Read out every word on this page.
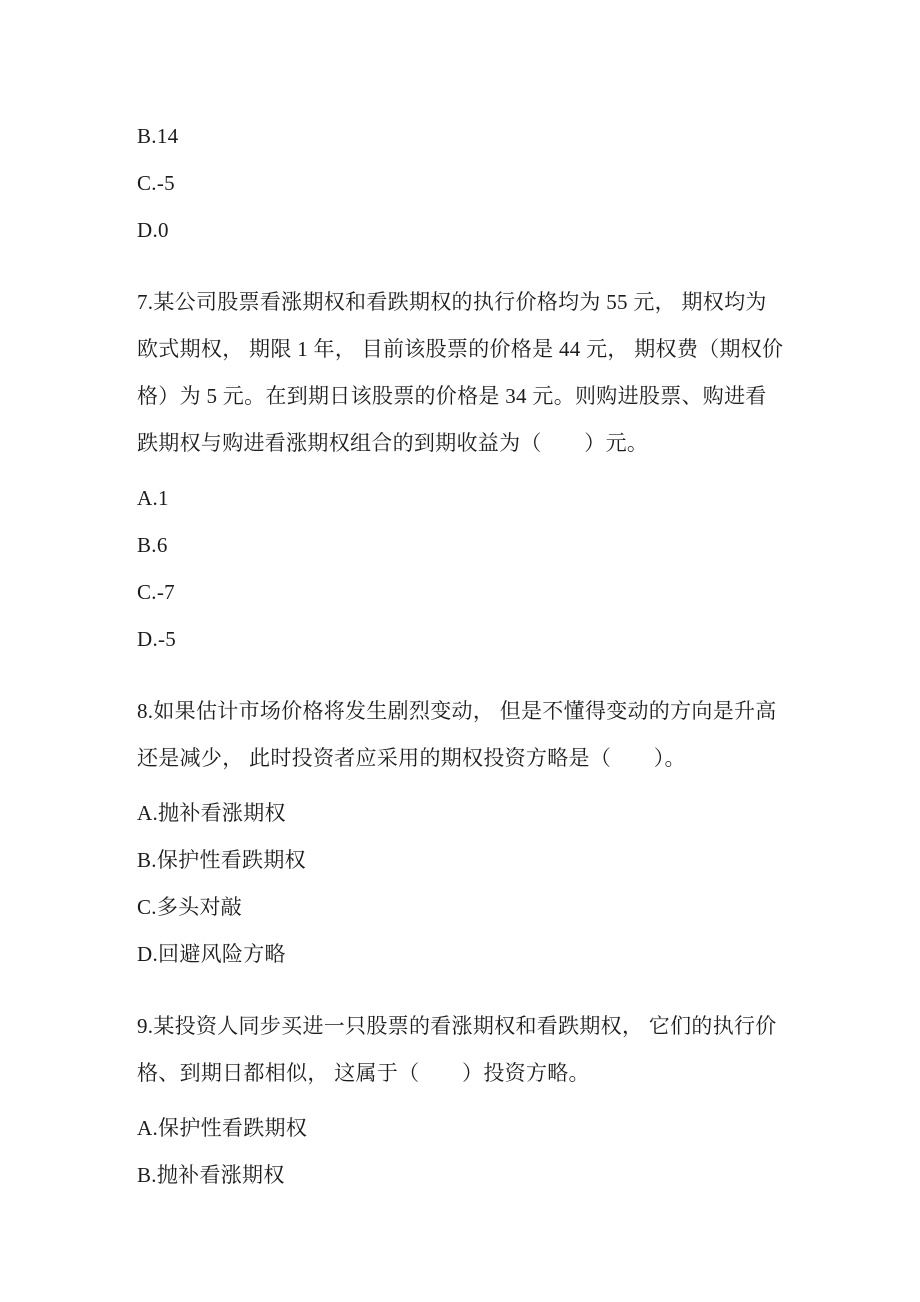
B.14
C.-5
D.0
7.某公司股票看涨期权和看跌期权的执行价格均为 55 元， 期权均为
欧式期权， 期限 1 年， 目前该股票的价格是 44 元， 期权费（期权价
格）为 5 元。在到期日该股票的价格是 34 元。则购进股票、购进看
跌期权与购进看涨期权组合的到期收益为（　　）元。
A.1
B.6
C.-7
D.-5
8.如果估计市场价格将发生剧烈变动， 但是不懂得变动的方向是升高
还是减少， 此时投资者应采用的期权投资方略是（　　）。
A.抛补看涨期权
B.保护性看跌期权
C.多头对敲
D.回避风险方略
9.某投资人同步买进一只股票的看涨期权和看跌期权， 它们的执行价
格、到期日都相似， 这属于（　　）投资方略。
A.保护性看跌期权
B.抛补看涨期权
